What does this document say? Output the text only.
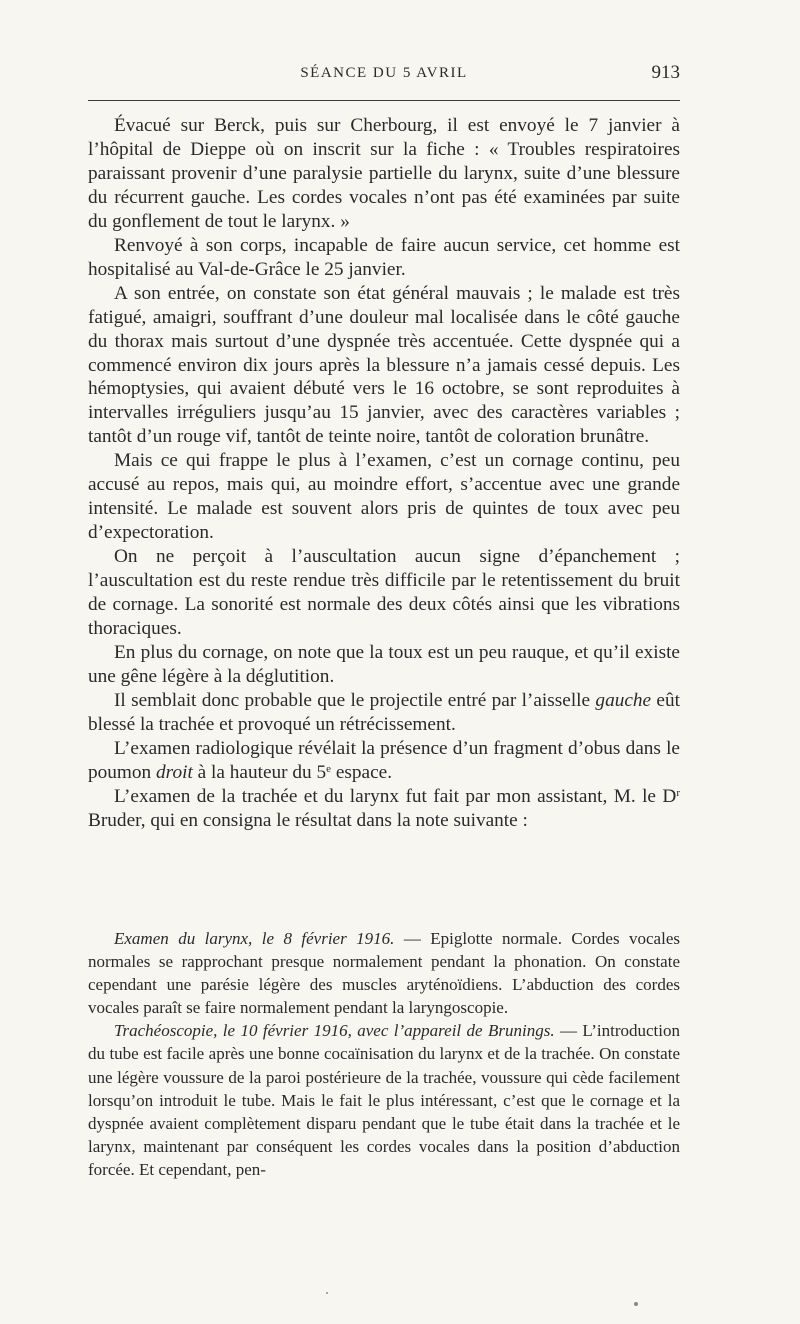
SÉANCE DU 5 AVRIL	913

Évacué sur Berck, puis sur Cherbourg, il est envoyé le 7 janvier à l’hôpital de Dieppe où on inscrit sur la fiche : « Troubles respiratoires paraissant provenir d’une paralysie partielle du larynx, suite d’une blessure du récurrent gauche. Les cordes vocales n’ont pas été examinées par suite du gonflement de tout le larynx. »

Renvoyé à son corps, incapable de faire aucun service, cet homme est hospitalisé au Val-de-Grâce le 25 janvier.

A son entrée, on constate son état général mauvais ; le malade est très fatigué, amaigri, souffrant d’une douleur mal localisée dans le côté gauche du thorax mais surtout d’une dyspnée très accentuée. Cette dyspnée qui a commencé environ dix jours après la blessure n’a jamais cessé depuis. Les hémoptysies, qui avaient débuté vers le 16 octobre, se sont reproduites à intervalles irréguliers jusqu’au 15 janvier, avec des caractères variables ; tantôt d’un rouge vif, tantôt de teinte noire, tantôt de coloration brunâtre.

Mais ce qui frappe le plus à l’examen, c’est un cornage continu, peu accusé au repos, mais qui, au moindre effort, s’accentue avec une grande intensité. Le malade est souvent alors pris de quintes de toux avec peu d’expectoration.

On ne perçoit à l’auscultation aucun signe d’épanchement ; l’auscultation est du reste rendue très difficile par le retentissement du bruit de cornage. La sonorité est normale des deux côtés ainsi que les vibrations thoraciques.

En plus du cornage, on note que la toux est un peu rauque, et qu’il existe une gêne légère à la déglutition.

Il semblait donc probable que le projectile entré par l’aisselle gauche eût blessé la trachée et provoqué un rétrécissement.

L’examen radiologique révélait la présence d’un fragment d’obus dans le poumon droit à la hauteur du 5e espace.

L’examen de la trachée et du larynx fut fait par mon assistant, M. le $D^r$ Bruder, qui en consigna le résultat dans la note suivante :

Examen du larynx, le 8 février 1916. — Epiglotte normale. Cordes vocales normales se rapprochant presque normalement pendant la phonation. On constate cependant une parésie légère des muscles aryténoïdiens. L’abduction des cordes vocales paraît se faire normalement pendant la laryngoscopie.

Trachéoscopie, le 10 février 1916, avec l’appareil de Brunings. — L’introduction du tube est facile après une bonne cocaïnisation du larynx et de la trachée. On constate une légère voussure de la paroi postérieure de la trachée, voussure qui cède facilement lorsqu’on introduit le tube. Mais le fait le plus intéressant, c’est que le cornage et la dyspnée avaient complètement disparu pendant que le tube était dans la trachée et le larynx, maintenant par conséquent les cordes vocales dans la position d’abduction forcée. Et cependant, pen-
